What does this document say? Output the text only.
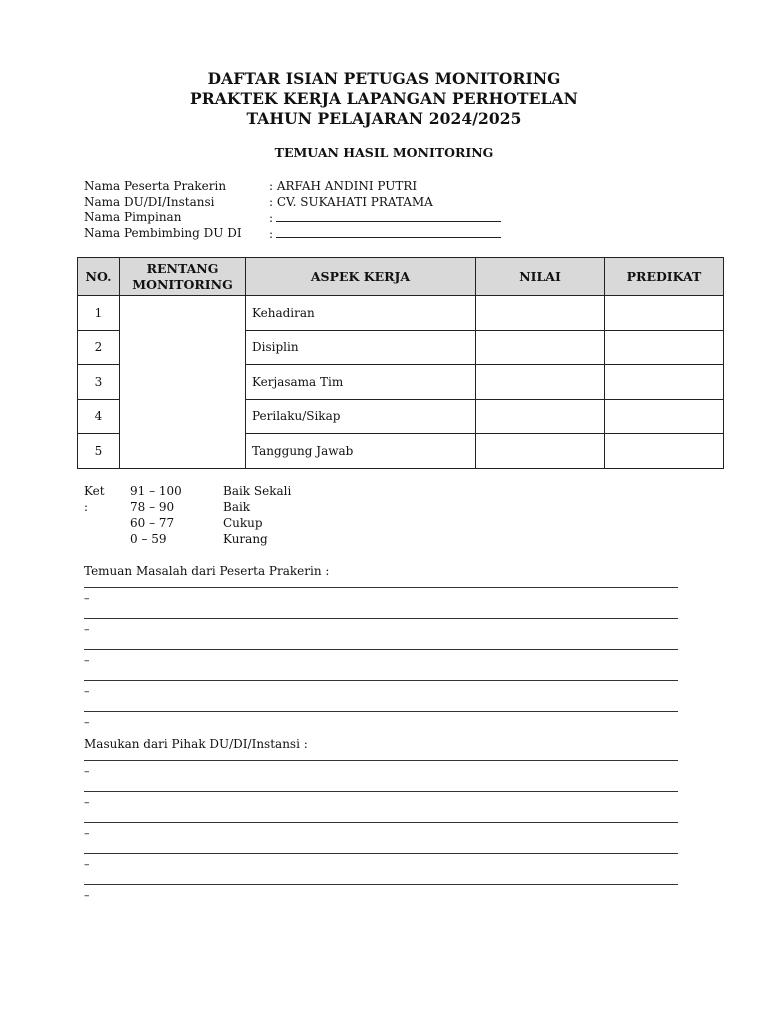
DAFTAR ISIAN PETUGAS MONITORING
PRAKTEK KERJA LAPANGAN PERHOTELAN
TAHUN PELAJARAN 2024/2025
TEMUAN HASIL MONITORING
Nama Peserta Prakerin	: ARFAH ANDINI PUTRI
Nama DU/DI/Instansi	: CV. SUKAHATI PRATAMA
Nama Pimpinan	:
Nama Pembimbing DU DI :
NO.	RENTANG MONITORING	ASPEK KERJA	NILAI	PREDIKAT
1		Kehadiran		
2		Disiplin		
3		Kerjasama Tim		
4		Perilaku/Sikap		
5		Tanggung Jawab		
Ket :
91 – 100	Baik Sekali
78 – 90	Baik
60 – 77	Cukup
0 – 59	Kurang
Temuan Masalah dari Peserta Prakerin :
–
–
–
–
–
Masukan dari Pihak DU/DI/Instansi :
–
–
–
–
–
